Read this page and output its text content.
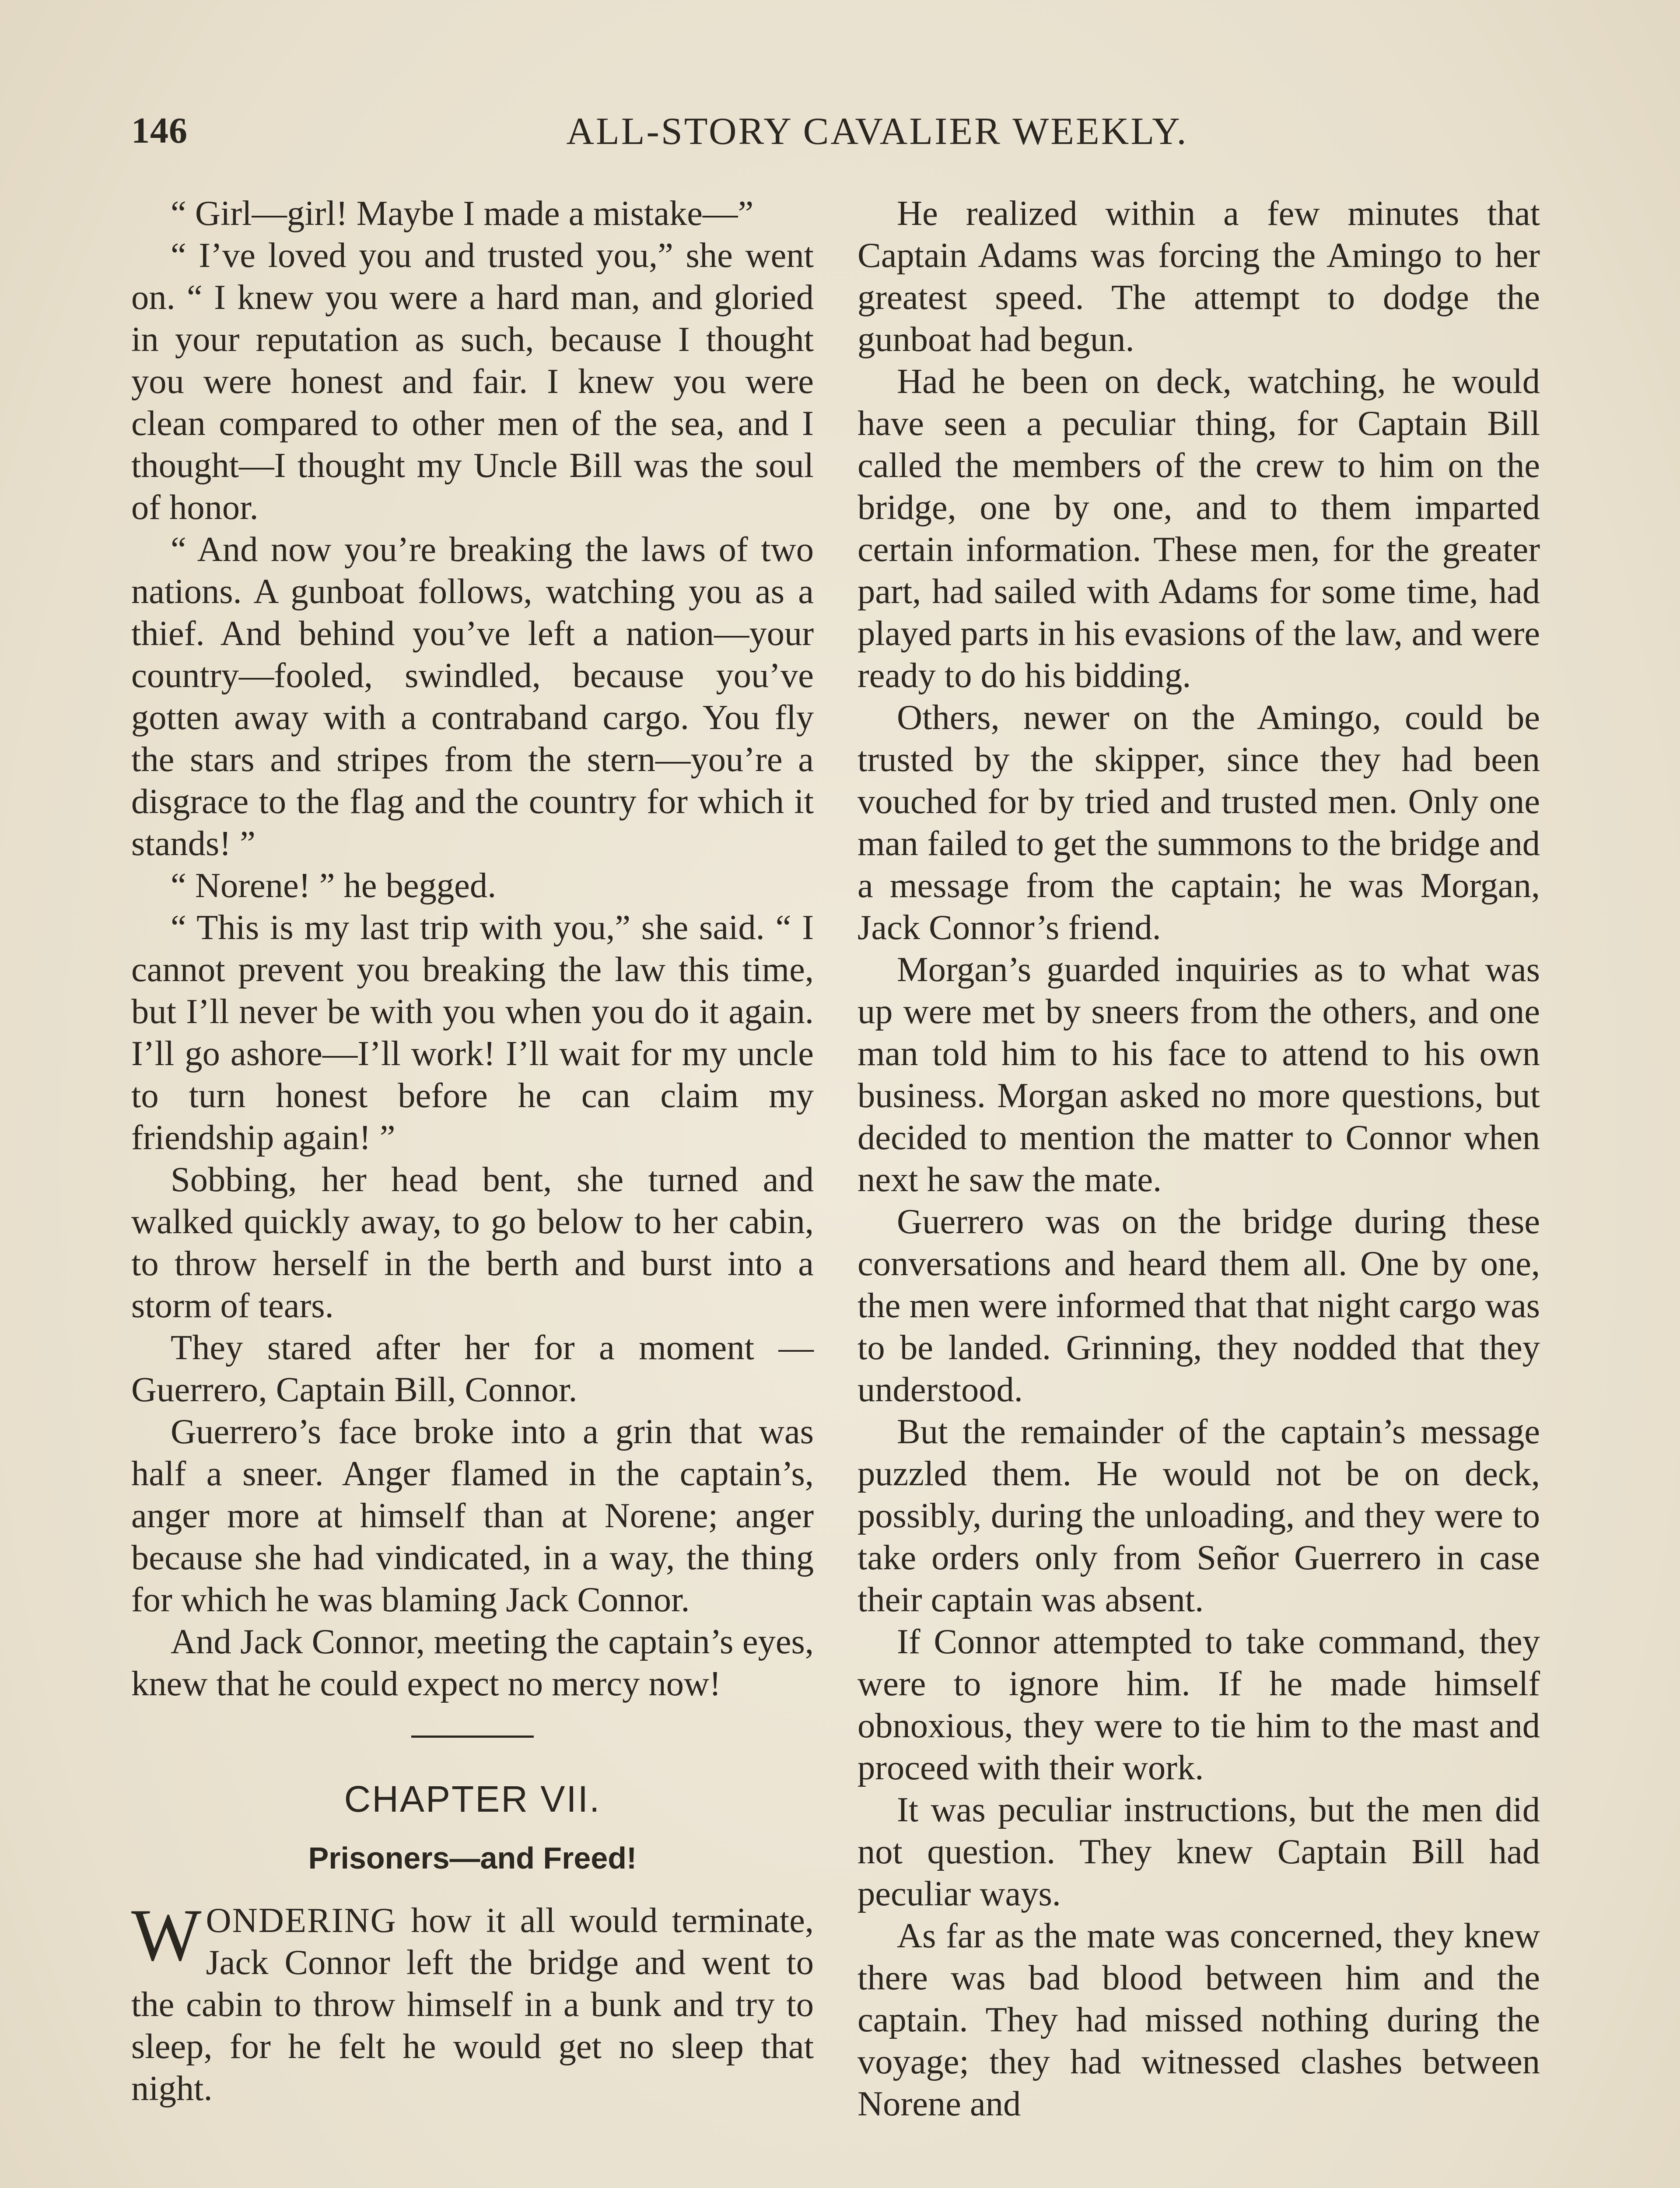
146	ALL-STORY CAVALIER WEEKLY.

“ Girl—girl! Maybe I made a mistake—”

“ I’ve loved you and trusted you,” she went on. “ I knew you were a hard man, and gloried in your reputation as such, because I thought you were honest and fair. I knew you were clean compared to other men of the sea, and I thought—I thought my Uncle Bill was the soul of honor.

“ And now you’re breaking the laws of two nations. A gunboat follows, watching you as a thief. And behind you’ve left a nation—your country—fooled, swindled, because you’ve gotten away with a contraband cargo. You fly the stars and stripes from the stern—you’re a disgrace to the flag and the country for which it stands! ”

“ Norene! ” he begged.

“ This is my last trip with you,” she said. “ I cannot prevent you breaking the law this time, but I’ll never be with you when you do it again. I’ll go ashore—I’ll work! I’ll wait for my uncle to turn honest before he can claim my friendship again! ”

Sobbing, her head bent, she turned and walked quickly away, to go below to her cabin, to throw herself in the berth and burst into a storm of tears.

They stared after her for a moment —Guerrero, Captain Bill, Connor.

Guerrero’s face broke into a grin that was half a sneer. Anger flamed in the captain’s, anger more at himself than at Norene; anger because she had vindicated, in a way, the thing for which he was blaming Jack Connor.

And Jack Connor, meeting the captain’s eyes, knew that he could expect no mercy now!

CHAPTER VII.
Prisoners—and Freed!

WONDERING how it all would terminate, Jack Connor left the bridge and went to the cabin to throw himself in a bunk and try to sleep, for he felt he would get no sleep that night.

He realized within a few minutes that Captain Adams was forcing the Amingo to her greatest speed. The attempt to dodge the gunboat had begun.

Had he been on deck, watching, he would have seen a peculiar thing, for Captain Bill called the members of the crew to him on the bridge, one by one, and to them imparted certain information. These men, for the greater part, had sailed with Adams for some time, had played parts in his evasions of the law, and were ready to do his bidding.

Others, newer on the Amingo, could be trusted by the skipper, since they had been vouched for by tried and trusted men. Only one man failed to get the summons to the bridge and a message from the captain; he was Morgan, Jack Connor’s friend.

Morgan’s guarded inquiries as to what was up were met by sneers from the others, and one man told him to his face to attend to his own business. Morgan asked no more questions, but decided to mention the matter to Connor when next he saw the mate.

Guerrero was on the bridge during these conversations and heard them all. One by one, the men were informed that that night cargo was to be landed. Grinning, they nodded that they understood.

But the remainder of the captain’s message puzzled them. He would not be on deck, possibly, during the unloading, and they were to take orders only from Señor Guerrero in case their captain was absent.

If Connor attempted to take command, they were to ignore him. If he made himself obnoxious, they were to tie him to the mast and proceed with their work.

It was peculiar instructions, but the men did not question. They knew Captain Bill had peculiar ways.

As far as the mate was concerned, they knew there was bad blood between him and the captain. They had missed nothing during the voyage; they had witnessed clashes between Norene and
